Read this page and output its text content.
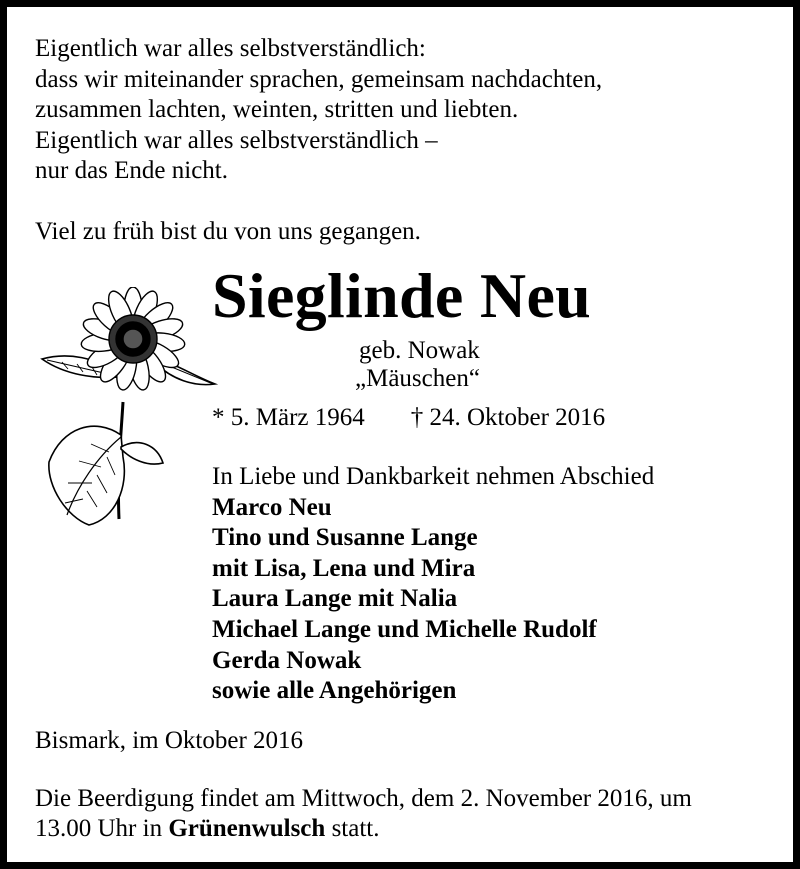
Eigentlich war alles selbstverständlich:
dass wir miteinander sprachen, gemeinsam nachdachten,
zusammen lachten, weinten, stritten und liebten.
Eigentlich war alles selbstverständlich –
nur das Ende nicht.
Viel zu früh bist du von uns gegangen.
Sieglinde Neu
geb. Nowak
„Mäuschen“
* 5. März 1964 † 24. Oktober 2016
In Liebe und Dankbarkeit nehmen Abschied
Marco Neu
Tino und Susanne Lange
mit Lisa, Lena und Mira
Laura Lange mit Nalia
Michael Lange und Michelle Rudolf
Gerda Nowak
sowie alle Angehörigen
Bismark, im Oktober 2016
Die Beerdigung findet am Mittwoch, dem 2. November 2016, um
13.00 Uhr in Grünenwulsch statt.
